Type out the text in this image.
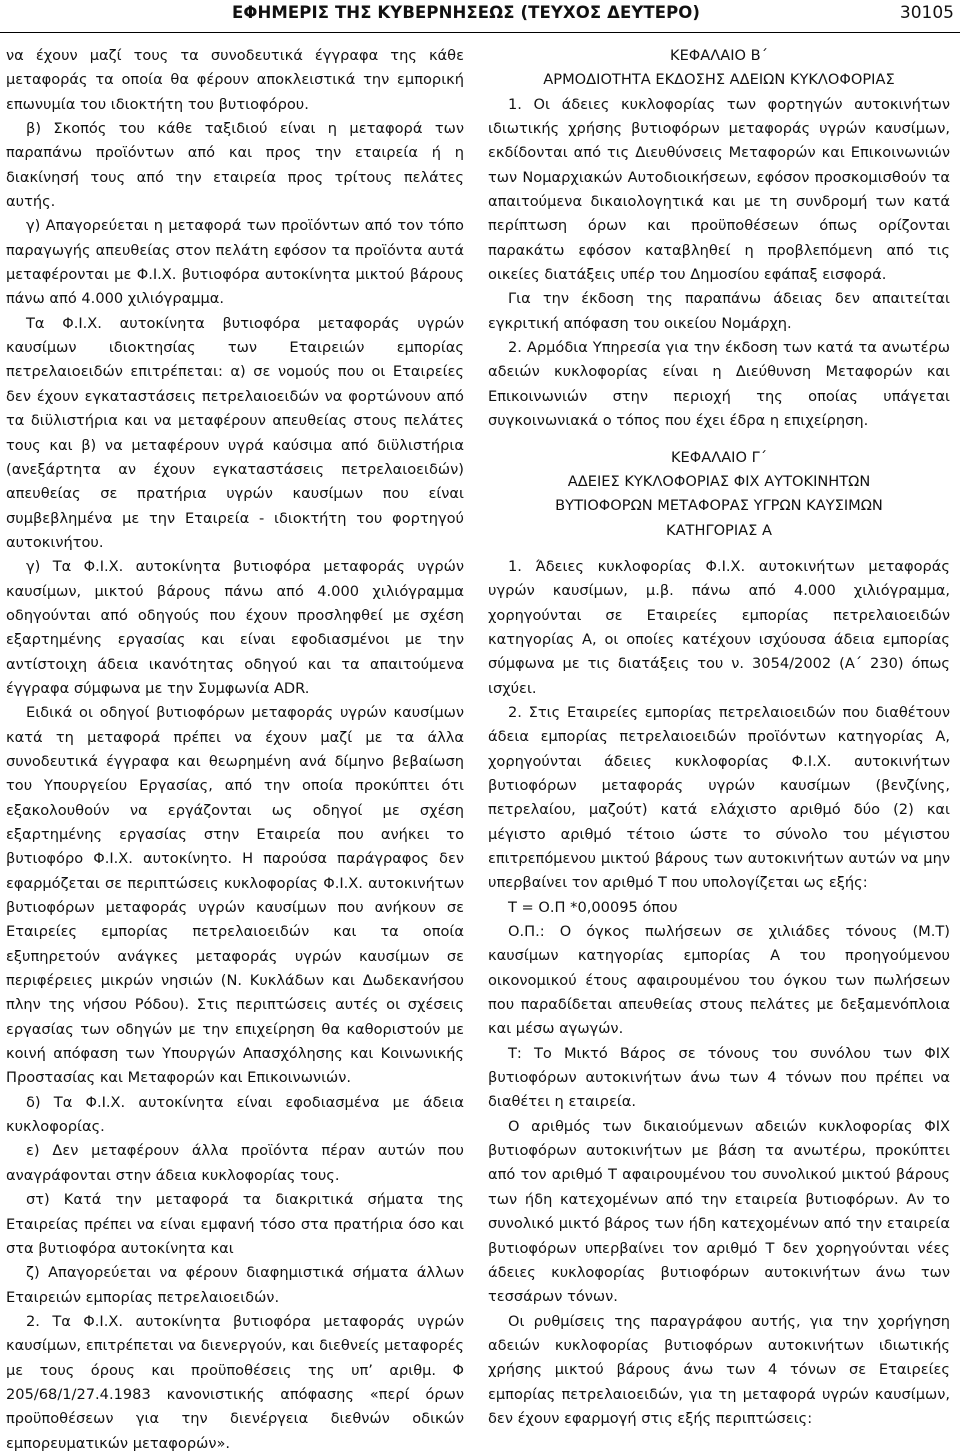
ΕΦΗΜΕΡΙΣ ΤΗΣ ΚΥΒΕΡΝΗΣΕΩΣ (ΤΕΥΧΟΣ ΔΕΥΤΕΡΟ)	30105

να έχουν μαζί τους τα συνοδευτικά έγγραφα της κάθε μεταφοράς τα οποία θα φέρουν αποκλειστικά την εμπορική επωνυμία του ιδιοκτήτη του βυτιοφόρου.

β) Σκοπός του κάθε ταξιδιού είναι η μεταφορά των παραπάνω προϊόντων από και προς την εταιρεία ή η διακίνησή τους από την εταιρεία προς τρίτους πελάτες αυτής.

γ) Απαγορεύεται η μεταφορά των προϊόντων από τον τόπο παραγωγής απευθείας στον πελάτη εφόσον τα προϊόντα αυτά μεταφέρονται με Φ.Ι.Χ. βυτιοφόρα αυτοκίνητα μικτού βάρους πάνω από 4.000 χιλιόγραμμα.

Τα Φ.Ι.Χ. αυτοκίνητα βυτιοφόρα μεταφοράς υγρών καυσίμων ιδιοκτησίας των Εταιρειών εμπορίας πετρελαιοειδών επιτρέπεται: α) σε νομούς που οι Εταιρείες δεν έχουν εγκαταστάσεις πετρελαιοειδών να φορτώνουν από τα διϋλιστήρια και να μεταφέρουν απευθείας στους πελάτες τους και β) να μεταφέρουν υγρά καύσιμα από διϋλιστήρια (ανεξάρτητα αν έχουν εγκαταστάσεις πετρελαιοειδών) απευθείας σε πρατήρια υγρών καυσίμων που είναι συμβεβλημένα με την Εταιρεία - ιδιοκτήτη του φορτηγού αυτοκινήτου.

γ) Τα Φ.Ι.Χ. αυτοκίνητα βυτιοφόρα μεταφοράς υγρών καυσίμων, μικτού βάρους πάνω από 4.000 χιλιόγραμμα οδηγούνται από οδηγούς που έχουν προσληφθεί με σχέση εξαρτημένης εργασίας και είναι εφοδιασμένοι με την αντίστοιχη άδεια ικανότητας οδηγού και τα απαιτούμενα έγγραφα σύμφωνα με την Συμφωνία ADR.

Ειδικά οι οδηγοί βυτιοφόρων μεταφοράς υγρών καυσίμων κατά τη μεταφορά πρέπει να έχουν μαζί με τα άλλα συνοδευτικά έγγραφα και θεωρημένη ανά δίμηνο βεβαίωση του Υπουργείου Εργασίας, από την οποία προκύπτει ότι εξακολουθούν να εργάζονται ως οδηγοί με σχέση εξαρτημένης εργασίας στην Εταιρεία που ανήκει το βυτιοφόρο Φ.Ι.Χ. αυτοκίνητο. Η παρούσα παράγραφος δεν εφαρμόζεται σε περιπτώσεις κυκλοφορίας Φ.Ι.Χ. αυτοκινήτων βυτιοφόρων μεταφοράς υγρών καυσίμων που ανήκουν σε Εταιρείες εμπορίας πετρελαιοειδών και τα οποία εξυπηρετούν ανάγκες μεταφοράς υγρών καυσίμων σε περιφέρειες μικρών νησιών (Ν. Κυκλάδων και Δωδεκανήσου πλην της νήσου Ρόδου). Στις περιπτώσεις αυτές οι σχέσεις εργασίας των οδηγών με την επιχείρηση θα καθοριστούν με κοινή απόφαση των Υπουργών Απασχόλησης και Κοινωνικής Προστασίας και Μεταφορών και Επικοινωνιών.

δ) Τα Φ.Ι.Χ. αυτοκίνητα είναι εφοδιασμένα με άδεια κυκλοφορίας.

ε) Δεν μεταφέρουν άλλα προϊόντα πέραν αυτών που αναγράφονται στην άδεια κυκλοφορίας τους.

στ) Κατά την μεταφορά τα διακριτικά σήματα της Εταιρείας πρέπει να είναι εμφανή τόσο στα πρατήρια όσο και στα βυτιοφόρα αυτοκίνητα και

ζ) Απαγορεύεται να φέρουν διαφημιστικά σήματα άλλων Εταιρειών εμπορίας πετρελαιοειδών.

2. Τα Φ.Ι.Χ. αυτοκίνητα βυτιοφόρα μεταφοράς υγρών καυσίμων, επιτρέπεται να διενεργούν, και διεθνείς μεταφορές με τους όρους και προϋποθέσεις της υπ’ αριθμ. Φ 205/68/1/27.4.1983 κανονιστικής απόφασης «περί όρων προϋποθέσεων για την διενέργεια διεθνών οδικών εμπορευματικών μεταφορών».

ΚΕΦΑΛΑΙΟ Β΄

ΑΡΜΟΔΙΟΤΗΤΑ ΕΚΔΟΣΗΣ ΑΔΕΙΩΝ ΚΥΚΛΟΦΟΡΙΑΣ

1. Οι άδειες κυκλοφορίας των φορτηγών αυτοκινήτων ιδιωτικής χρήσης βυτιοφόρων μεταφοράς υγρών καυσίμων, εκδίδονται από τις Διευθύνσεις Μεταφορών και Επικοινωνιών των Νομαρχιακών Αυτοδιοικήσεων, εφόσον προσκομισθούν τα απαιτούμενα δικαιολογητικά και με τη συνδρομή των κατά περίπτωση όρων και προϋποθέσεων όπως ορίζονται παρακάτω εφόσον καταβληθεί η προβλεπόμενη από τις οικείες διατάξεις υπέρ του Δημοσίου εφάπαξ εισφορά.

Για την έκδοση της παραπάνω άδειας δεν απαιτείται εγκριτική απόφαση του οικείου Νομάρχη.

2. Αρμόδια Υπηρεσία για την έκδοση των κατά τα ανωτέρω αδειών κυκλοφορίας είναι η Διεύθυνση Μεταφορών και Επικοινωνιών στην περιοχή της οποίας υπάγεται συγκοινωνιακά ο τόπος που έχει έδρα η επιχείρηση.

ΚΕΦΑΛΑΙΟ Γ΄

ΑΔΕΙΕΣ ΚΥΚΛΟΦΟΡΙΑΣ ΦΙΧ ΑΥΤΟΚΙΝΗΤΩΝ

ΒΥΤΙΟΦΟΡΩΝ ΜΕΤΑΦΟΡΑΣ ΥΓΡΩΝ ΚΑΥΣΙΜΩΝ

ΚΑΤΗΓΟΡΙΑΣ Α

1. Άδειες κυκλοφορίας Φ.Ι.Χ. αυτοκινήτων μεταφοράς υγρών καυσίμων, μ.β. πάνω από 4.000 χιλιόγραμμα, χορηγούνται σε Εταιρείες εμπορίας πετρελαιοειδών κατηγορίας Α, οι οποίες κατέχουν ισχύουσα άδεια εμπορίας σύμφωνα με τις διατάξεις του ν. 3054/2002 (Α΄ 230) όπως ισχύει.

2. Στις Εταιρείες εμπορίας πετρελαιοειδών που διαθέτουν άδεια εμπορίας πετρελαιοειδών προϊόντων κατηγορίας Α, χορηγούνται άδειες κυκλοφορίας Φ.Ι.Χ. αυτοκινήτων βυτιοφόρων μεταφοράς υγρών καυσίμων (βενζίνης, πετρελαίου, μαζούτ) κατά ελάχιστο αριθμό δύο (2) και μέγιστο αριθμό τέτοιο ώστε το σύνολο του μέγιστου επιτρεπόμενου μικτού βάρους των αυτοκινήτων αυτών να μην υπερβαίνει τον αριθμό Τ που υπολογίζεται ως εξής:

Τ = Ο.Π *0,00095 όπου

Ο.Π.: Ο όγκος πωλήσεων σε χιλιάδες τόνους (Μ.Τ) καυσίμων κατηγορίας εμπορίας Α του προηγούμενου οικονομικού έτους αφαιρουμένου του όγκου των πωλήσεων που παραδίδεται απευθείας στους πελάτες με δεξαμενόπλοια και μέσω αγωγών.

Τ: Το Μικτό Βάρος σε τόνους του συνόλου των ΦΙΧ βυτιοφόρων αυτοκινήτων άνω των 4 τόνων που πρέπει να διαθέτει η εταιρεία.

Ο αριθμός των δικαιούμενων αδειών κυκλοφορίας ΦΙΧ βυτιοφόρων αυτοκινήτων με βάση τα ανωτέρω, προκύπτει από τον αριθμό Τ αφαιρουμένου του συνολικού μικτού βάρους των ήδη κατεχομένων από την εταιρεία βυτιοφόρων. Αν το συνολικό μικτό βάρος των ήδη κατεχομένων από την εταιρεία βυτιοφόρων υπερβαίνει τον αριθμό Τ δεν χορηγούνται νέες άδειες κυκλοφορίας βυτιοφόρων αυτοκινήτων άνω των τεσσάρων τόνων.

Οι ρυθμίσεις της παραγράφου αυτής, για την χορήγηση αδειών κυκλοφορίας βυτιοφόρων αυτοκινήτων ιδιωτικής χρήσης μικτού βάρους άνω των 4 τόνων σε Εταιρείες εμπορίας πετρελαιοειδών, για τη μεταφορά υγρών καυσίμων, δεν έχουν εφαρμογή στις εξής περιπτώσεις:
